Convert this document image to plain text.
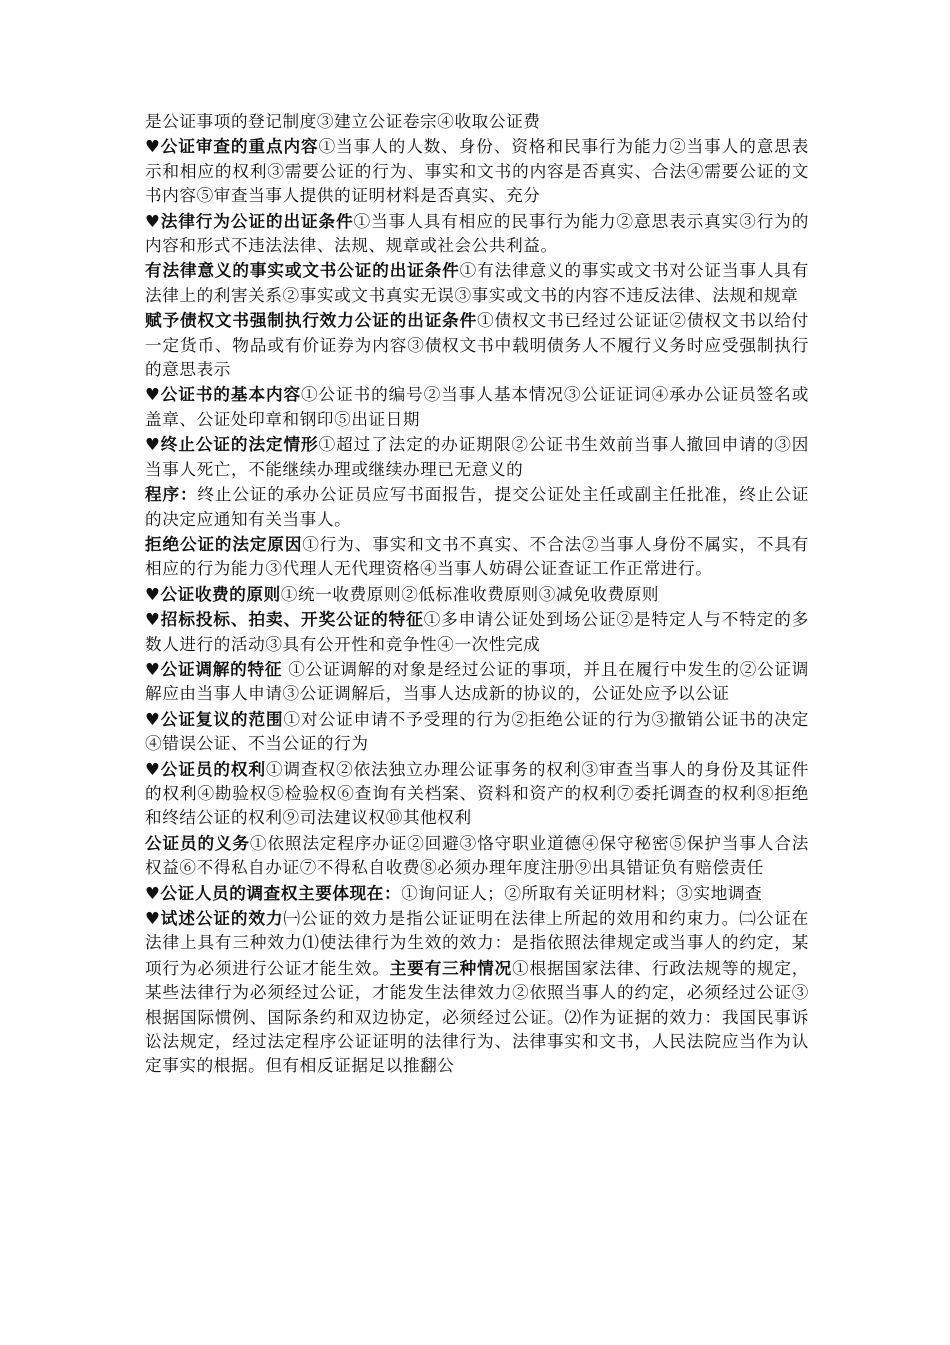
是公证事项的登记制度③建立公证卷宗④收取公证费

♥公证审查的重点内容①当事人的人数、身份、资格和民事行为能力②当事人的意思表示和相应的权利③需要公证的行为、事实和文书的内容是否真实、合法④需要公证的文书内容⑤审查当事人提供的证明材料是否真实、充分

♥法律行为公证的出证条件①当事人具有相应的民事行为能力②意思表示真实③行为的内容和形式不违法法律、法规、规章或社会公共利益。

有法律意义的事实或文书公证的出证条件①有法律意义的事实或文书对公证当事人具有法律上的利害关系②事实或文书真实无误③事实或文书的内容不违反法律、法规和规章

赋予债权文书强制执行效力公证的出证条件①债权文书已经过公证证②债权文书以给付一定货币、物品或有价证券为内容③债权文书中载明债务人不履行义务时应受强制执行的意思表示

♥公证书的基本内容①公证书的编号②当事人基本情况③公证证词④承办公证员签名或盖章、公证处印章和钢印⑤出证日期

♥终止公证的法定情形①超过了法定的办证期限②公证书生效前当事人撤回申请的③因当事人死亡，不能继续办理或继续办理已无意义的

程序：终止公证的承办公证员应写书面报告，提交公证处主任或副主任批准，终止公证的决定应通知有关当事人。

拒绝公证的法定原因①行为、事实和文书不真实、不合法②当事人身份不属实，不具有相应的行为能力③代理人无代理资格④当事人妨碍公证查证工作正常进行。

♥公证收费的原则①统一收费原则②低标准收费原则③减免收费原则

♥招标投标、拍卖、开奖公证的特征①多申请公证处到场公证②是特定人与不特定的多数人进行的活动③具有公开性和竞争性④一次性完成

♥公证调解的特征 ①公证调解的对象是经过公证的事项，并且在履行中发生的②公证调解应由当事人申请③公证调解后，当事人达成新的协议的，公证处应予以公证

♥公证复议的范围①对公证申请不予受理的行为②拒绝公证的行为③撤销公证书的决定④错误公证、不当公证的行为

♥公证员的权利①调查权②依法独立办理公证事务的权利③审查当事人的身份及其证件的权利④勘验权⑤检验权⑥查询有关档案、资料和资产的权利⑦委托调查的权利⑧拒绝和终结公证的权利⑨司法建议权⑩其他权利

公证员的义务①依照法定程序办证②回避③恪守职业道德④保守秘密⑤保护当事人合法权益⑥不得私自办证⑦不得私自收费⑧必须办理年度注册⑨出具错证负有赔偿责任

♥公证人员的调查权主要体现在：①询问证人；②所取有关证明材料；③实地调查

♥试述公证的效力㈠公证的效力是指公证证明在法律上所起的效用和约束力。㈡公证在法律上具有三种效力⑴使法律行为生效的效力：是指依照法律规定或当事人的约定，某项行为必须进行公证才能生效。主要有三种情况①根据国家法律、行政法规等的规定，某些法律行为必须经过公证，才能发生法律效力②依照当事人的约定，必须经过公证③根据国际惯例、国际条约和双边协定，必须经过公证。⑵作为证据的效力：我国民事诉讼法规定，经过法定程序公证证明的法律行为、法律事实和文书，人民法院应当作为认定事实的根据。但有相反证据足以推翻公
